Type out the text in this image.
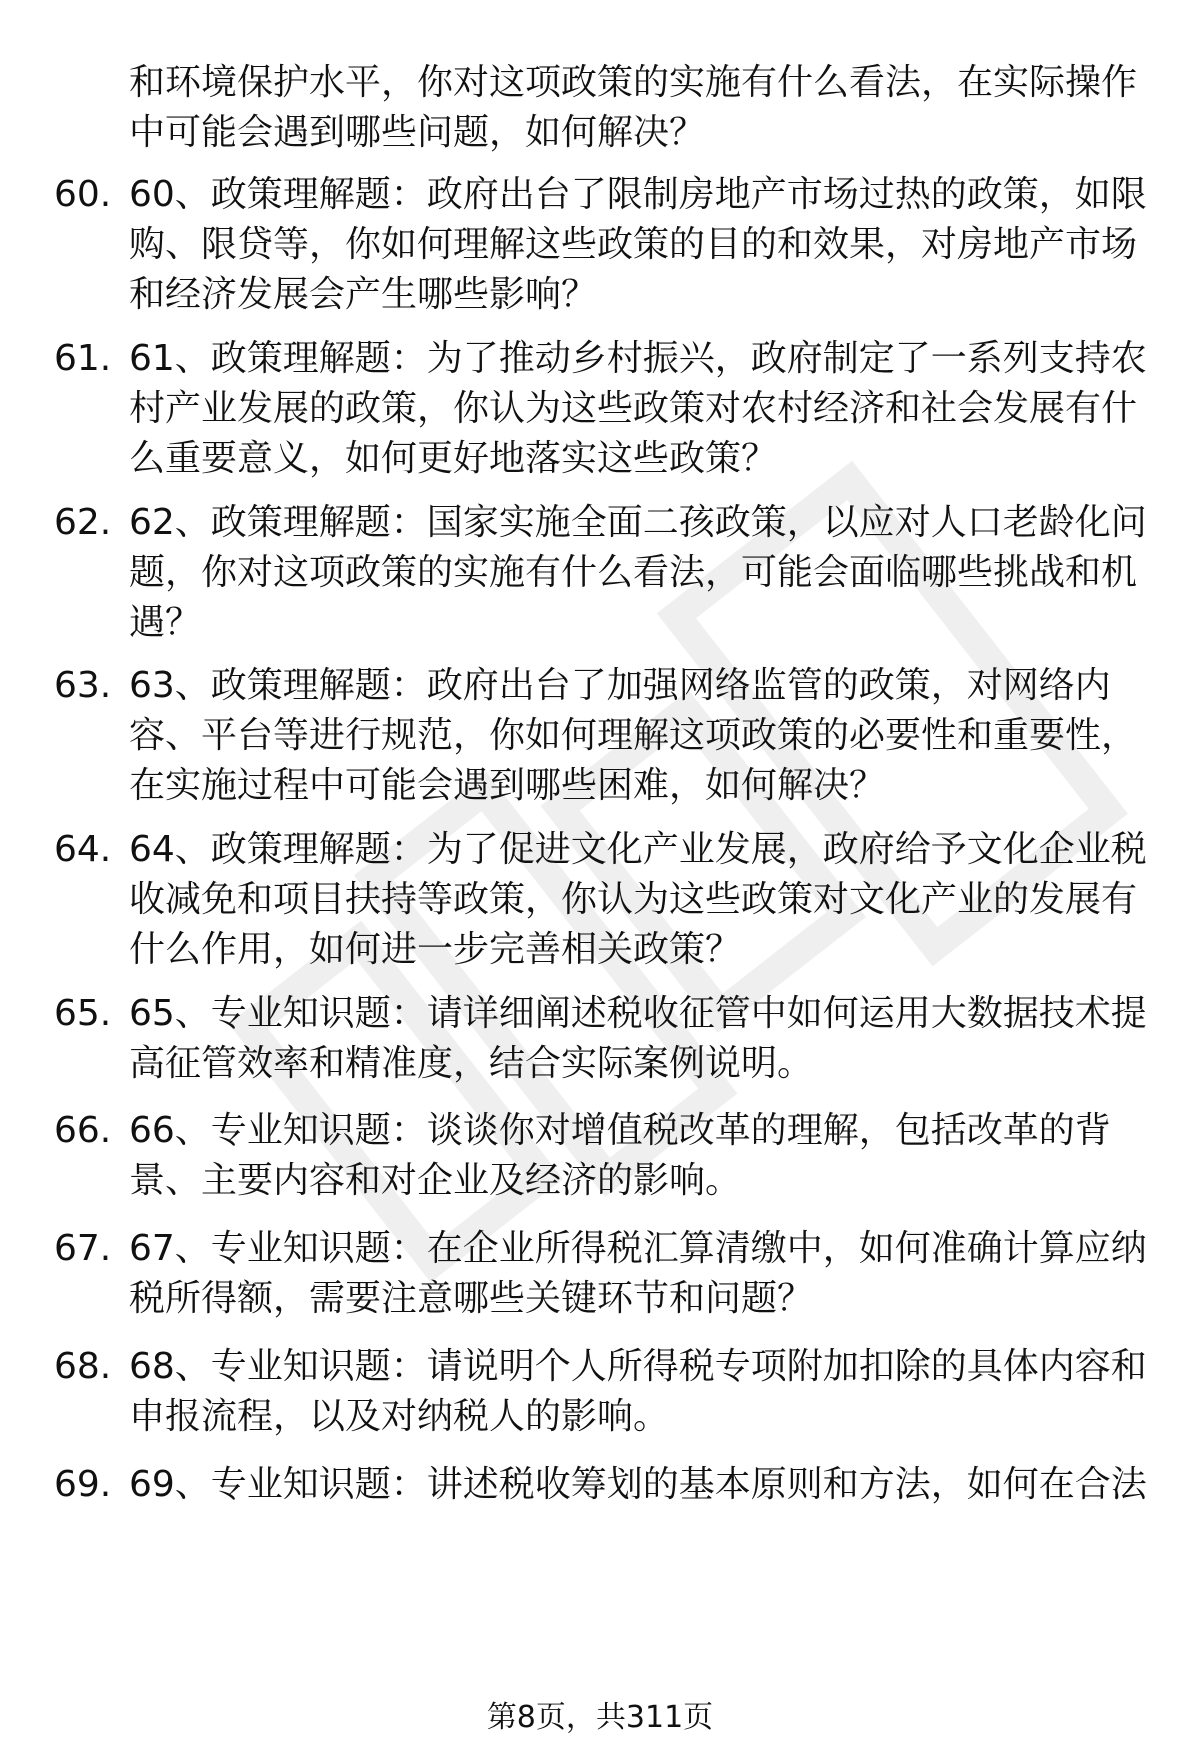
和环境保护水平，你对这项政策的实施有什么看法，在实际操作中可能会遇到哪些问题，如何解决？

60. 60、政策理解题：政府出台了限制房地产市场过热的政策，如限购、限贷等，你如何理解这些政策的目的和效果，对房地产市场和经济发展会产生哪些影响？

61. 61、政策理解题：为了推动乡村振兴，政府制定了一系列支持农村产业发展的政策，你认为这些政策对农村经济和社会发展有什么重要意义，如何更好地落实这些政策？

62. 62、政策理解题：国家实施全面二孩政策，以应对人口老龄化问题，你对这项政策的实施有什么看法，可能会面临哪些挑战和机遇？

63. 63、政策理解题：政府出台了加强网络监管的政策，对网络内容、平台等进行规范，你如何理解这项政策的必要性和重要性，在实施过程中可能会遇到哪些困难，如何解决？

64. 64、政策理解题：为了促进文化产业发展，政府给予文化企业税收减免和项目扶持等政策，你认为这些政策对文化产业的发展有什么作用，如何进一步完善相关政策？

65. 65、专业知识题：请详细阐述税收征管中如何运用大数据技术提高征管效率和精准度，结合实际案例说明。

66. 66、专业知识题：谈谈你对增值税改革的理解，包括改革的背景、主要内容和对企业及经济的影响。

67. 67、专业知识题：在企业所得税汇算清缴中，如何准确计算应纳税所得额，需要注意哪些关键环节和问题？

68. 68、专业知识题：请说明个人所得税专项附加扣除的具体内容和申报流程，以及对纳税人的影响。

69. 69、专业知识题：讲述税收筹划的基本原则和方法，如何在合法

第8页，共311页
